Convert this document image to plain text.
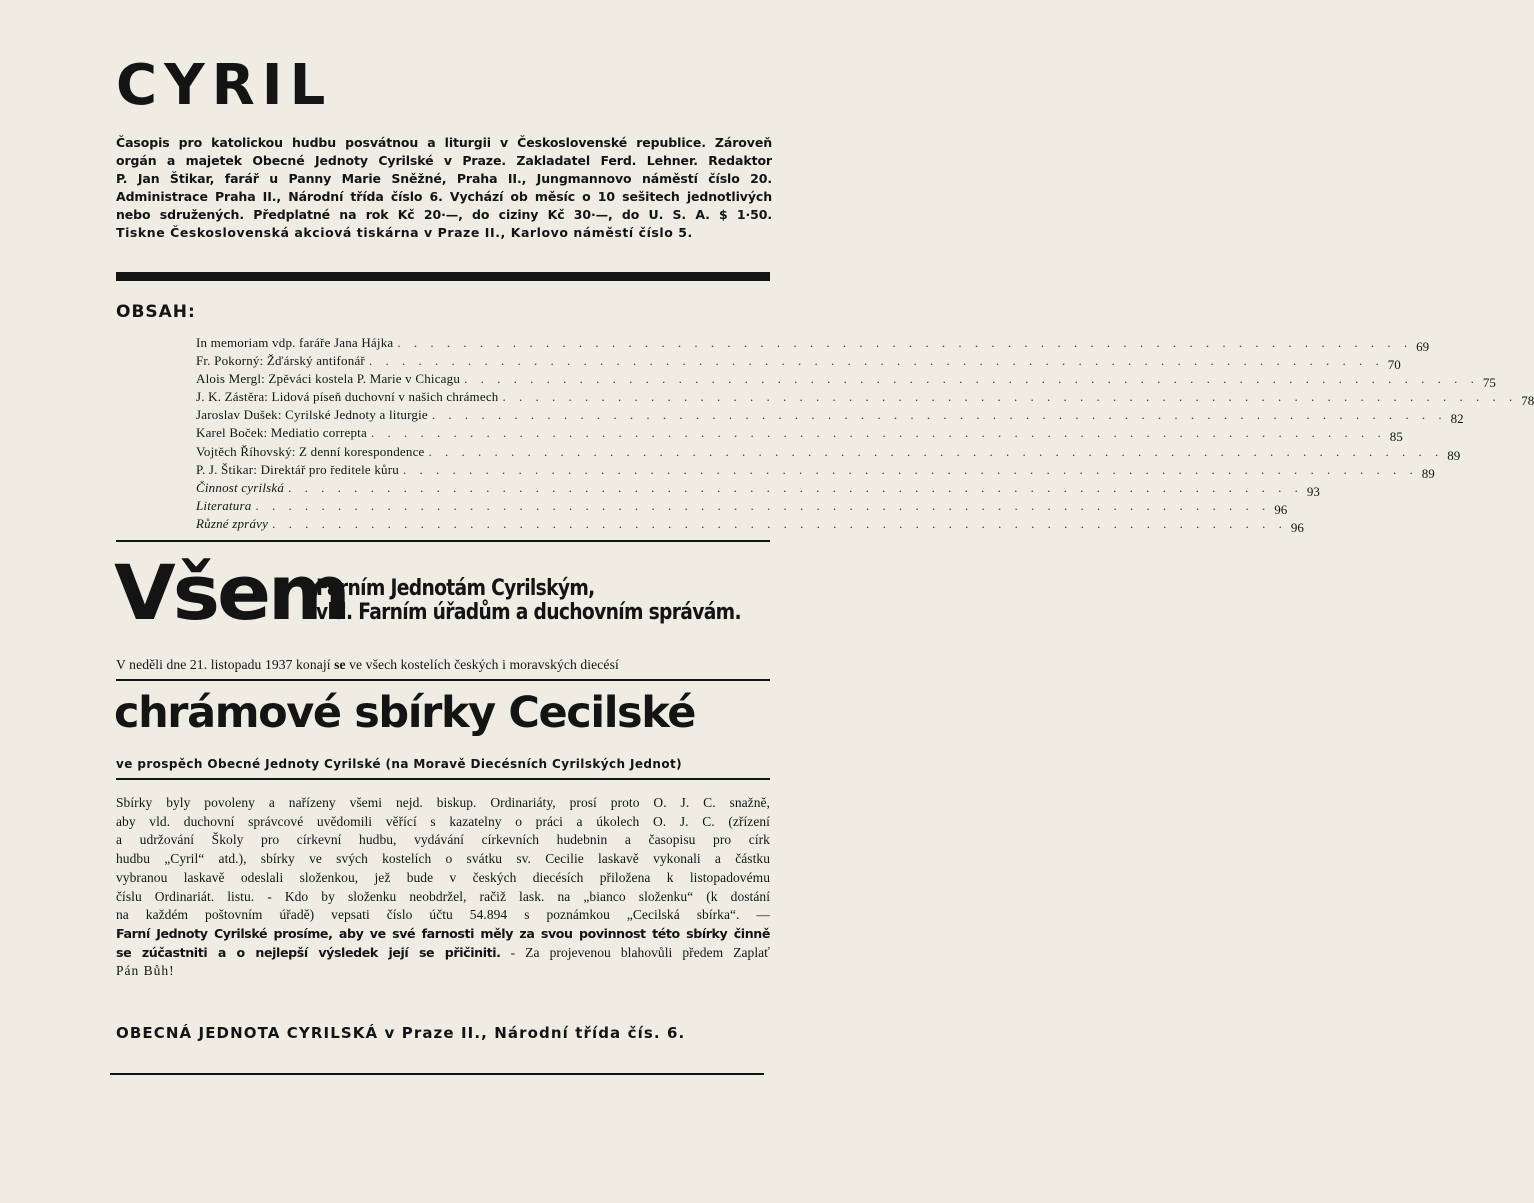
CYRIL
Časopis pro katolickou hudbu posvátnou a liturgii v Československé republice. Zároveň
orgán a majetek Obecné Jednoty Cyrilské v Praze. Zakladatel Ferd. Lehner. Redaktor
P. Jan Štikar, farář u Panny Marie Sněžné, Praha II., Jungmannovo náměstí číslo 20.
Administrace Praha II., Národní třída číslo 6. Vychází ob měsíc o 10 sešitech jednotlivých
nebo sdružených. Předplatné na rok Kč 20·—, do ciziny Kč 30·—, do U. S. A. $ 1·50.
Tiskne Československá akciová tiskárna v Praze II., Karlovo náměstí číslo 5.
OBSAH:
In memoriam vdp. faráře Jana Hájka . . . . . . . . . . . . . . . . . . . . . . . . . . . . . . . . . . . . . . . . . . . . . . . . . . . . . . . . . . . . . . 69
Fr. Pokorný: Žďárský antifonář . . . . . . . . . . . . . . . . . . . . . . . . . . . . . . . . . . . . . . . . . . . . . . . . . . . . . . . . . . . . . . 70
Alois Mergl: Zpěváci kostela P. Marie v Chicagu . . . . . . . . . . . . . . . . . . . . . . . . . . . . . . . . . . . . . . . . . . . . . . . . . . . . . . . . . . . . . . 75
J. K. Zástěra: Lidová píseň duchovní v našich chrámech . . . . . . . . . . . . . . . . . . . . . . . . . . . . . . . . . . . . . . . . . . . . . . . . . . . . . . . . . . . . . . 78
Jaroslav Dušek: Cyrilské Jednoty a liturgie . . . . . . . . . . . . . . . . . . . . . . . . . . . . . . . . . . . . . . . . . . . . . . . . . . . . . . . . . . . . . . 82
Karel Boček: Mediatio correpta . . . . . . . . . . . . . . . . . . . . . . . . . . . . . . . . . . . . . . . . . . . . . . . . . . . . . . . . . . . . . . 85
Vojtěch Říhovský: Z denní korespondence . . . . . . . . . . . . . . . . . . . . . . . . . . . . . . . . . . . . . . . . . . . . . . . . . . . . . . . . . . . . . . 89
P. J. Štikar: Direktář pro ředitele kůru . . . . . . . . . . . . . . . . . . . . . . . . . . . . . . . . . . . . . . . . . . . . . . . . . . . . . . . . . . . . . . 89
Činnost cyrilská . . . . . . . . . . . . . . . . . . . . . . . . . . . . . . . . . . . . . . . . . . . . . . . . . . . . . . . . . . . . . . 93
Literatura . . . . . . . . . . . . . . . . . . . . . . . . . . . . . . . . . . . . . . . . . . . . . . . . . . . . . . . . . . . . . . 96
Různé zprávy . . . . . . . . . . . . . . . . . . . . . . . . . . . . . . . . . . . . . . . . . . . . . . . . . . . . . . . . . . . . . . 96
Všem
Farním Jednotám Cyrilským,
vld. Farním úřadům a duchovním správám.
V neděli dne 21. listopadu 1937 konají se ve všech kostelích českých i moravských diecésí
chrámové sbírky Cecilské
ve prospěch Obecné Jednoty Cyrilské (na Moravě Diecésních Cyrilských Jednot)
Sbírky byly povoleny a nařízeny všemi nejd. biskup. Ordinariáty, prosí proto O. J. C. snažně,
aby vld. duchovní správcové uvědomili věřící s kazatelny o práci a úkolech O. J. C. (zřízení
a udržování Školy pro církevní hudbu, vydávání církevních hudebnin a časopisu pro círk
hudbu „Cyril“ atd.), sbírky ve svých kostelích o svátku sv. Cecilie laskavě vykonali a částku
vybranou laskavě odeslali složenkou, jež bude v českých diecésích přiložena k listopadovému
číslu Ordinariát. listu. - Kdo by složenku neobdržel, račiž lask. na „bianco složenku“ (k dostání
na každém poštovním úřadě) vepsati číslo účtu 54.894 s poznámkou „Cecilská sbírka“. —
Farní Jednoty Cyrilské prosíme, aby ve své farnosti měly za svou povinnost této sbírky činně
se zúčastniti a o nejlepší výsledek její se přičiniti. - Za projevenou blahovůli předem Zaplať
Pán Bůh!
OBECNÁ JEDNOTA CYRILSKÁ v Praze II., Národní třída čís. 6.
